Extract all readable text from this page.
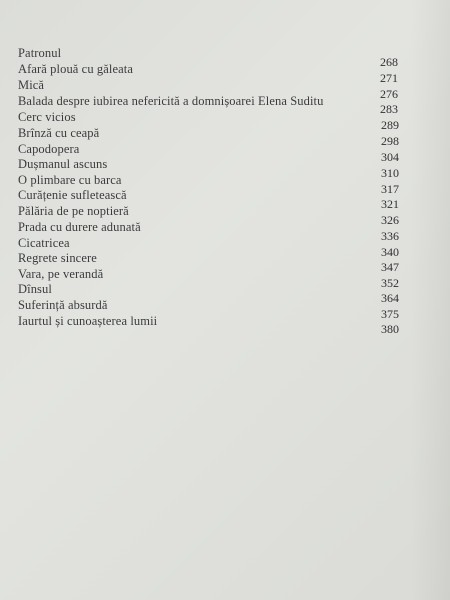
Patronul
268
Afară plouă cu găleata
271
Mică
276
Balada despre iubirea nefericită a domnișoarei Elena Suditu
283
Cerc vicios
289
Brînză cu ceapă
298
Capodopera
304
Dușmanul ascuns
310
O plimbare cu barca
317
Curățenie sufletească
321
Pălăria de pe noptieră
326
Prada cu durere adunată
336
Cicatricea
340
Regrete sincere
347
Vara, pe verandă
352
Dînsul
364
Suferință absurdă
375
Iaurtul și cunoașterea lumii
380
